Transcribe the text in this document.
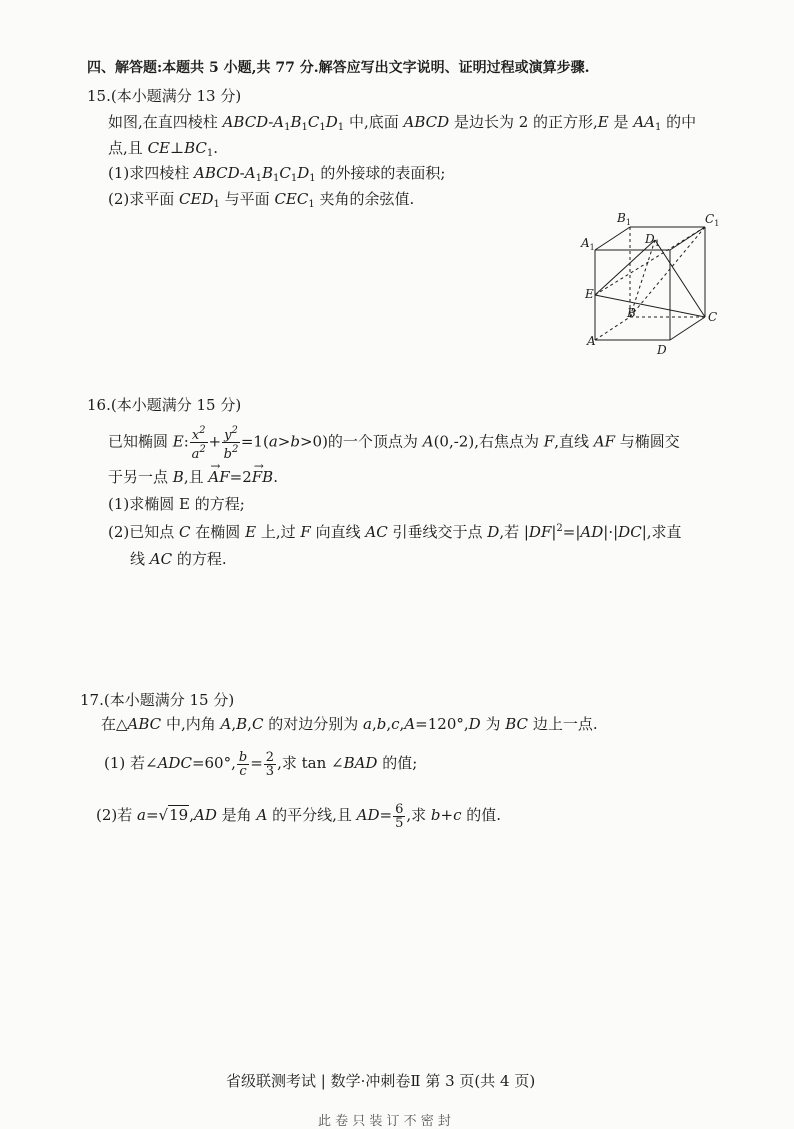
四、解答题:本题共 5 小题,共 77 分.解答应写出文字说明、证明过程或演算步骤.
15.(本小题满分 13 分)
如图,在直四棱柱 ABCD-$A_1B_1C_1D_1$ 中,底面 ABCD 是边长为 2 的正方形,E 是 $AA_1$ 的中
点,且 $CE\perp BC_1$.
(1)求四棱柱 ABCD-$A_1B_1C_1D_1$ 的外接球的表面积;
(2)求平面 $CED_1$ 与平面 $CEC_1$ 夹角的余弦值.
$B_1$	$C_1$
$D_1$
$A_1$
E
B	C
A
D
16.(本小题满分 15 分)
已知椭圆 E: $\frac{x^2}{a^2} + \frac{y^2}{b^2} =1(a>b>0)$的一个顶点为 A(0,-2),右焦点为 F,直线 AF 与椭圆交
于另一点 B,且 → AF=2→ FB.
(1)求椭圆 E 的方程;
(2)已知点 C 在椭圆 E 上,过 F 向直线 AC 引垂线交于点 D,若 $|DF|^2=|AD|\cdot|DC|$,求直
线 AC 的方程.
17.(本小题满分 15 分)
在△ABC 中,内角 A,B,C 的对边分别为 a,b,c,A=120°,D 为 BC 边上一点.
(1) 若∠ADC=60°, $\frac{b}{c} = \frac{2}{3}$ ,求 tan ∠BAD 的值;
(2)若 a=√19,AD 是角 A 的平分线,且 $AD= \frac{6}{5}$ ,求 b+c 的值.
省级联测考试 | 数学·冲刺卷Ⅱ 第 3 页(共 4 页)
此 卷 只 装 订 不 密 封
